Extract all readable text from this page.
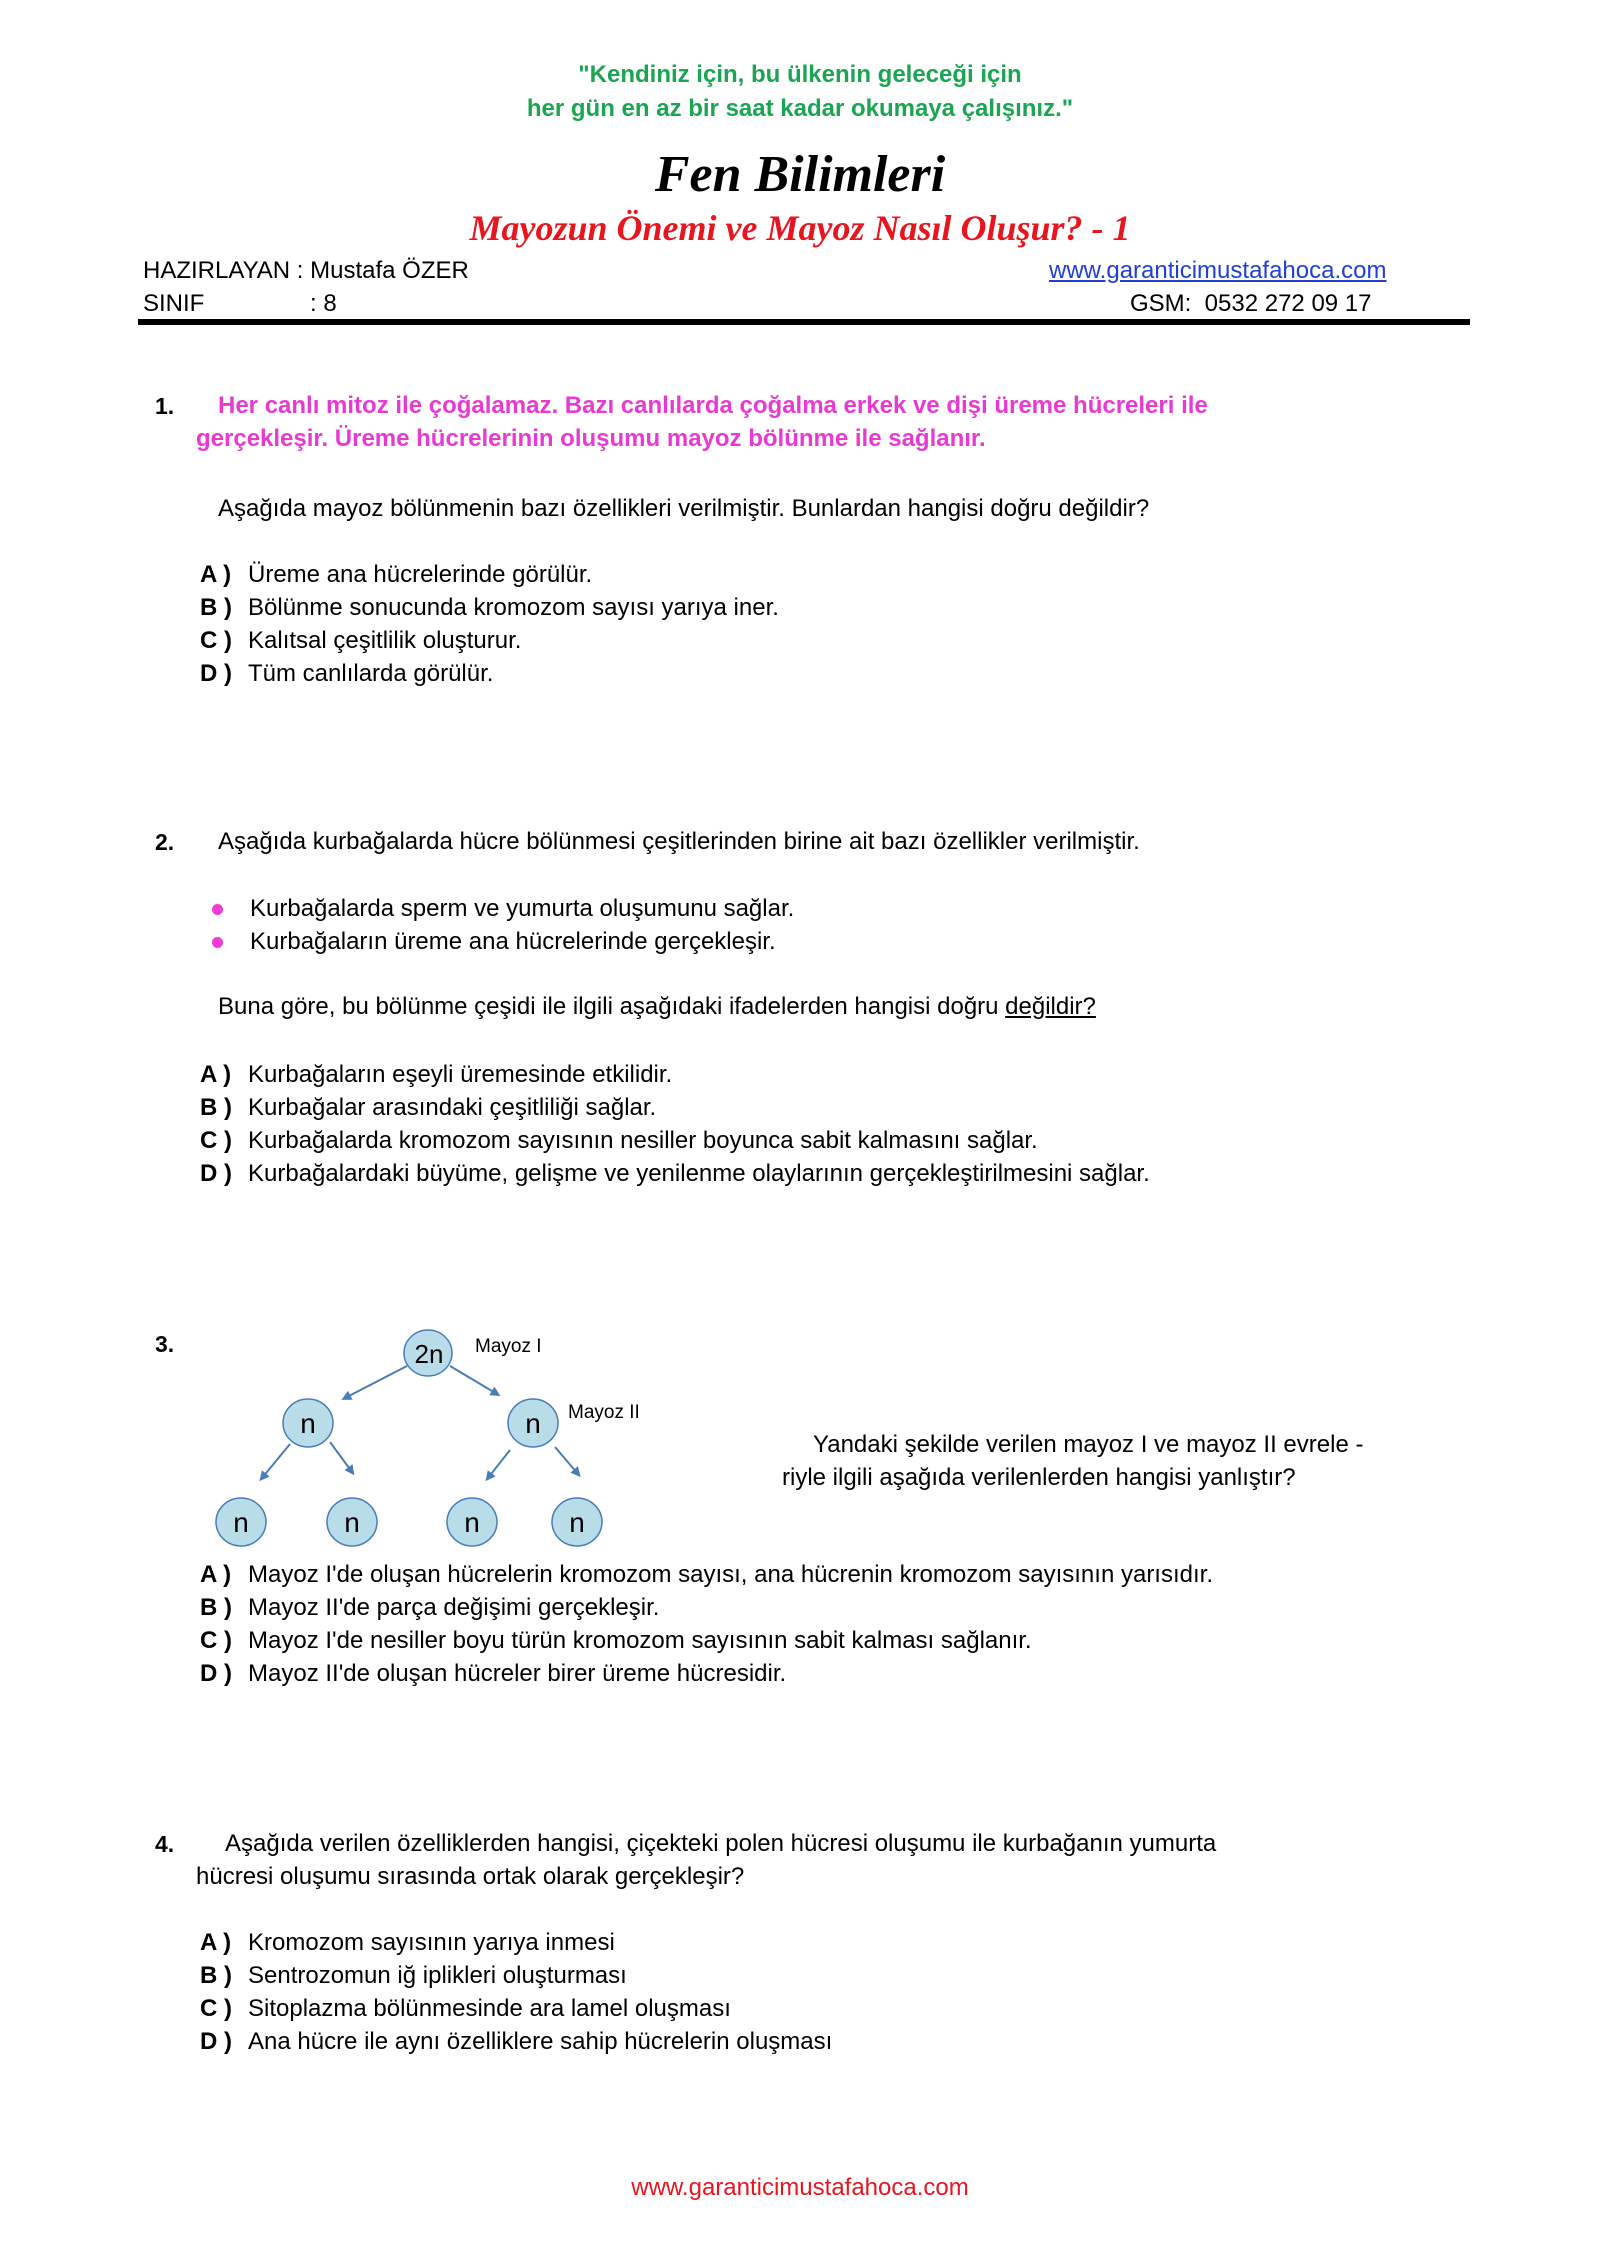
"Kendiniz için, bu ülkenin geleceği için
her gün en az bir saat kadar okumaya çalışınız."
Fen Bilimleri
Mayozun Önemi ve Mayoz Nasıl Oluşur? - 1
HAZIRLAYAN : Mustafa ÖZER
SINIF	: 8
www.garanticimustafahoca.com
GSM:  0532 272 09 17
1. Her canlı mitoz ile çoğalamaz. Bazı canlılarda çoğalma erkek ve dişi üreme hücreleri ile
gerçekleşir. Üreme hücrelerinin oluşumu mayoz bölünme ile sağlanır.
Aşağıda mayoz bölünmenin bazı özellikleri verilmiştir. Bunlardan hangisi doğru değildir?
A ) Üreme ana hücrelerinde görülür.
B ) Bölünme sonucunda kromozom sayısı yarıya iner.
C ) Kalıtsal çeşitlilik oluşturur.
D ) Tüm canlılarda görülür.
2. Aşağıda kurbağalarda hücre bölünmesi çeşitlerinden birine ait bazı özellikler verilmiştir.
Kurbağalarda sperm ve yumurta oluşumunu sağlar.
Kurbağaların üreme ana hücrelerinde gerçekleşir.
Buna göre, bu bölünme çeşidi ile ilgili aşağıdaki ifadelerden hangisi doğru değildir?
A ) Kurbağaların eşeyli üremesinde etkilidir.
B ) Kurbağalar arasındaki çeşitliliği sağlar.
C ) Kurbağalarda kromozom sayısının nesiller boyunca sabit kalmasını sağlar.
D ) Kurbağalardaki büyüme, gelişme ve yenilenme olaylarının gerçekleştirilmesini sağlar.
3.	2n
n	n
n	n	n	n
Mayoz I
Mayoz II
Yandaki şekilde verilen mayoz I ve mayoz II evrele -
riyle ilgili aşağıda verilenlerden hangisi yanlıştır?
A ) Mayoz I'de oluşan hücrelerin kromozom sayısı, ana hücrenin kromozom sayısının yarısıdır.
B ) Mayoz II'de parça değişimi gerçekleşir.
C ) Mayoz I'de nesiller boyu türün kromozom sayısının sabit kalması sağlanır.
D ) Mayoz II'de oluşan hücreler birer üreme hücresidir.
4. Aşağıda verilen özelliklerden hangisi, çiçekteki polen hücresi oluşumu ile kurbağanın yumurta
hücresi oluşumu sırasında ortak olarak gerçekleşir?
A ) Kromozom sayısının yarıya inmesi
B ) Sentrozomun iğ iplikleri oluşturması
C ) Sitoplazma bölünmesinde ara lamel oluşması
D ) Ana hücre ile aynı özelliklere sahip hücrelerin oluşması
www.garanticimustafahoca.com
